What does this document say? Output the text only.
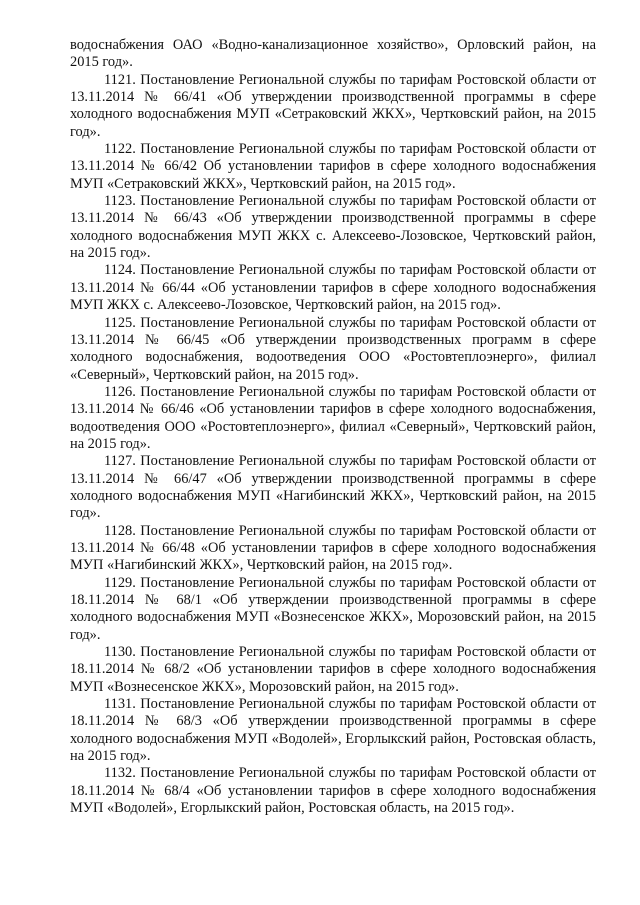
водоснабжения ОАО «Водно-канализационное хозяйство», Орловский район, на 2015 год».

1121. Постановление Региональной службы по тарифам Ростовской области от 13.11.2014 № 66/41 «Об утверждении производственной программы в сфере холодного водоснабжения МУП «Сетраковский ЖКХ», Чертковский район, на 2015 год».

1122. Постановление Региональной службы по тарифам Ростовской области от 13.11.2014 № 66/42 Об установлении тарифов в сфере холодного водоснабжения МУП «Сетраковский ЖКХ», Чертковский район, на 2015 год».

1123. Постановление Региональной службы по тарифам Ростовской области от 13.11.2014 № 66/43 «Об утверждении производственной программы в сфере холодного водоснабжения МУП ЖКХ с. Алексеево-Лозовское, Чертковский район, на 2015 год».

1124. Постановление Региональной службы по тарифам Ростовской области от 13.11.2014 № 66/44 «Об установлении тарифов в сфере холодного водоснабжения МУП ЖКХ с. Алексеево-Лозовское, Чертковский район, на 2015 год».

1125. Постановление Региональной службы по тарифам Ростовской области от 13.11.2014 № 66/45 «Об утверждении производственных программ в сфере холодного водоснабжения, водоотведения ООО «Ростовтеплоэнерго», филиал «Северный», Чертковский район, на 2015 год».

1126. Постановление Региональной службы по тарифам Ростовской области от 13.11.2014 № 66/46 «Об установлении тарифов в сфере холодного водоснабжения, водоотведения ООО «Ростовтеплоэнерго», филиал «Северный», Чертковский район, на 2015 год».

1127. Постановление Региональной службы по тарифам Ростовской области от 13.11.2014 № 66/47 «Об утверждении производственной программы в сфере холодного водоснабжения МУП «Нагибинский ЖКХ», Чертковский район, на 2015 год».

1128. Постановление Региональной службы по тарифам Ростовской области от 13.11.2014 № 66/48 «Об установлении тарифов в сфере холодного водоснабжения МУП «Нагибинский ЖКХ», Чертковский район, на 2015 год».

1129. Постановление Региональной службы по тарифам Ростовской области от 18.11.2014 № 68/1 «Об утверждении производственной программы в сфере холодного водоснабжения МУП «Вознесенское ЖКХ», Морозовский район, на 2015 год».

1130. Постановление Региональной службы по тарифам Ростовской области от 18.11.2014 № 68/2 «Об установлении тарифов в сфере холодного водоснабжения МУП «Вознесенское ЖКХ», Морозовский район, на 2015 год».

1131. Постановление Региональной службы по тарифам Ростовской области от 18.11.2014 № 68/3 «Об утверждении производственной программы в сфере холодного водоснабжения МУП «Водолей», Егорлыкский район, Ростовская область, на 2015 год».

1132. Постановление Региональной службы по тарифам Ростовской области от 18.11.2014 № 68/4 «Об установлении тарифов в сфере холодного водоснабжения МУП «Водолей», Егорлыкский район, Ростовская область, на 2015 год».
